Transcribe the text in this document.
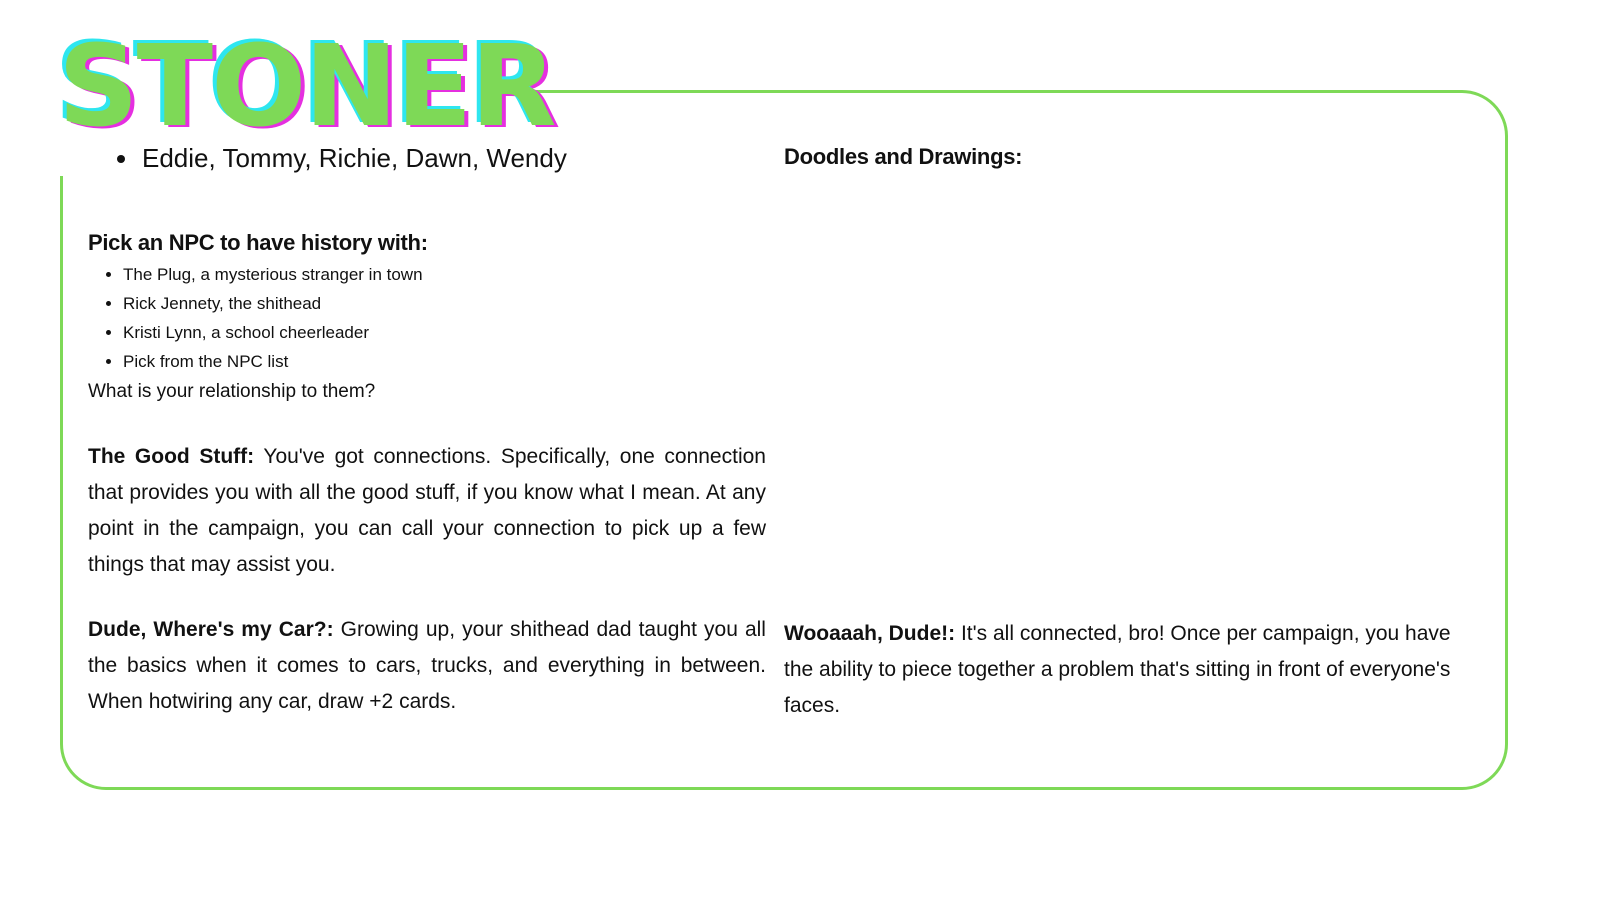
STONER
• Eddie, Tommy, Richie, Dawn, Wendy
Pick an NPC to have history with:
• The Plug, a mysterious stranger in town
• Rick Jennety, the shithead
• Kristi Lynn, a school cheerleader
• Pick from the NPC list
What is your relationship to them?

The Good Stuff: You've got connections. Specifically, one connection that provides you with all the good stuff, if you know what I mean. At any point in the campaign, you can call your connection to pick up a few things that may assist you.

Dude, Where's my Car?: Growing up, your shithead dad taught you all the basics when it comes to cars, trucks, and everything in between. When hotwiring any car, draw +2 cards.

Doodles and Drawings:

Wooaaah, Dude!: It's all connected, bro! Once per campaign, you have the ability to piece together a problem that's sitting in front of everyone's faces.
